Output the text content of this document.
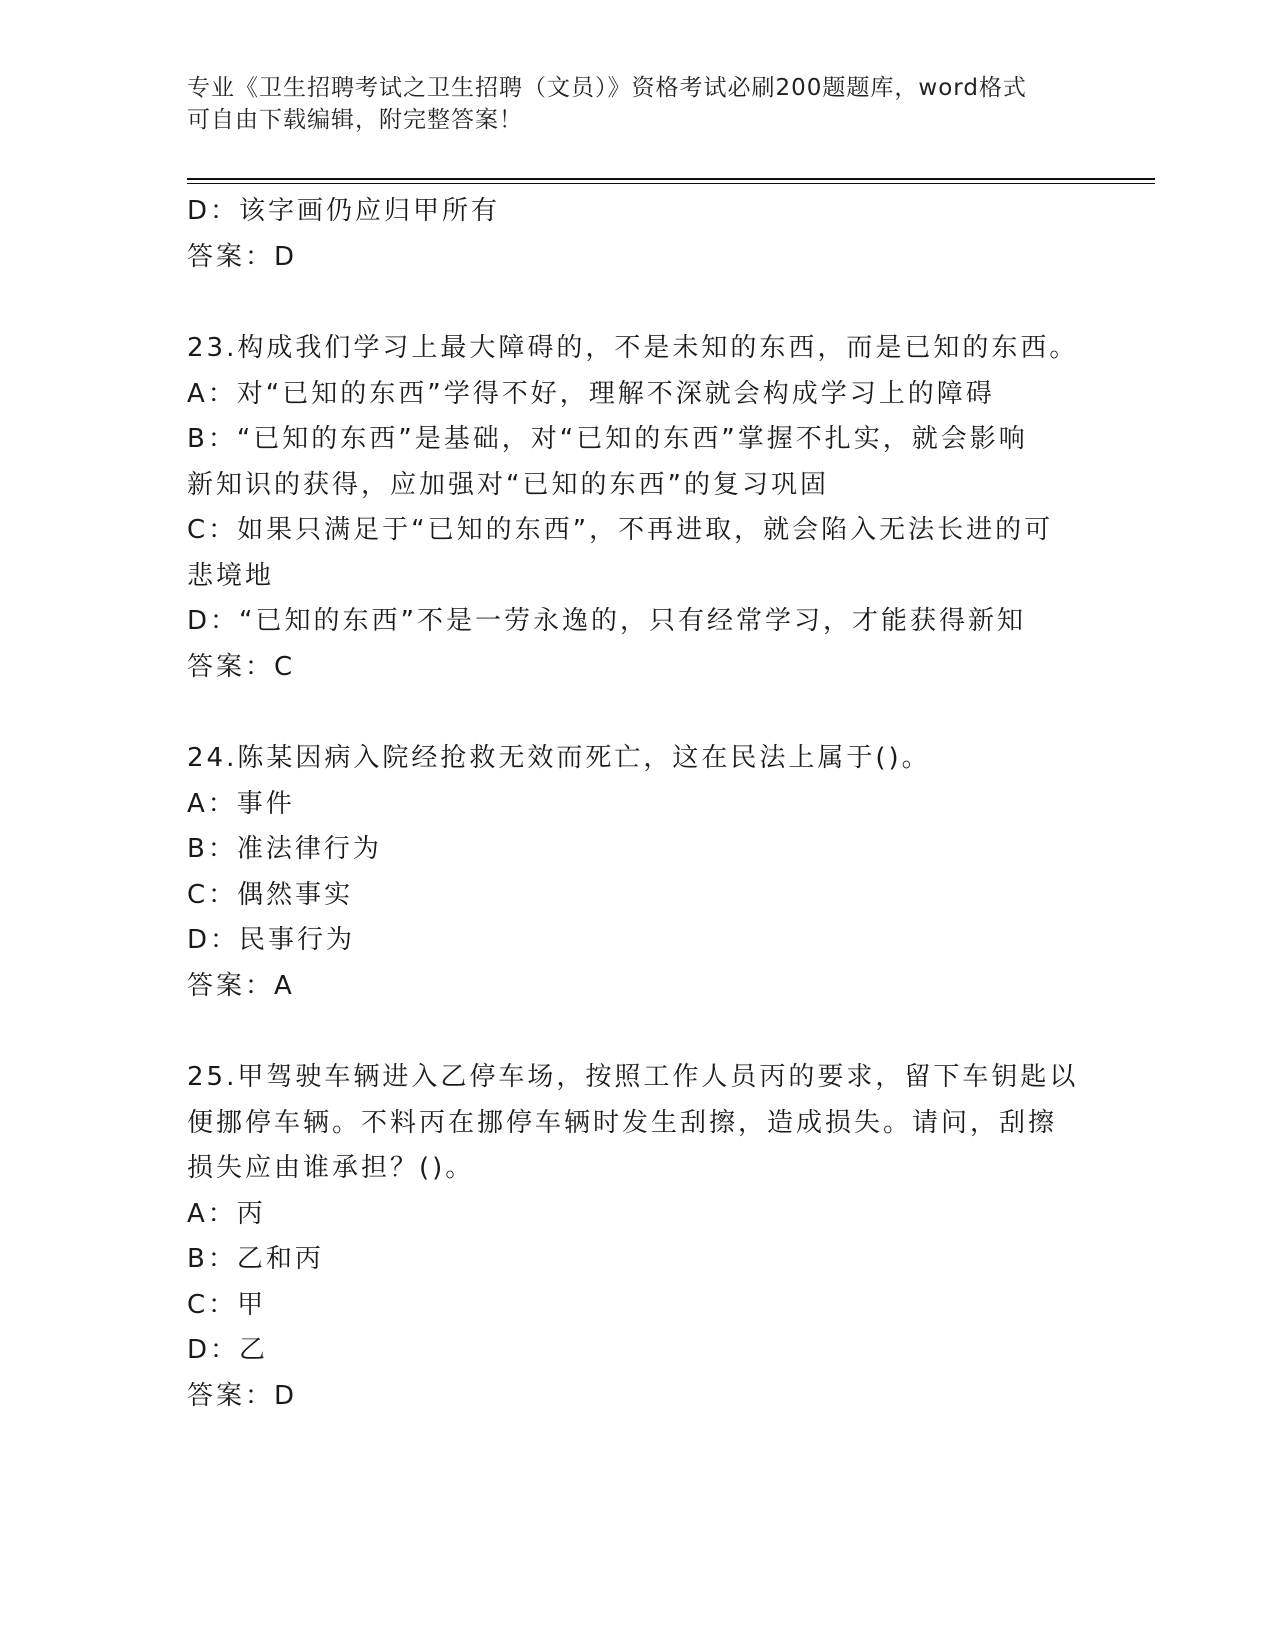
专业《卫生招聘考试之卫生招聘（文员）》资格考试必刷200题题库，word格式
可自由下载编辑，附完整答案！
D：该字画仍应归甲所有
答案：D
23.构成我们学习上最大障碍的，不是未知的东西，而是已知的东西。
A：对“已知的东西”学得不好，理解不深就会构成学习上的障碍
B：“已知的东西”是基础，对“已知的东西”掌握不扎实，就会影响
新知识的获得，应加强对“已知的东西”的复习巩固
C：如果只满足于“已知的东西”，不再进取，就会陷入无法长进的可
悲境地
D：“已知的东西”不是一劳永逸的，只有经常学习，才能获得新知
答案：C
24.陈某因病入院经抢救无效而死亡，这在民法上属于()。
A：事件
B：准法律行为
C：偶然事实
D：民事行为
答案：A
25.甲驾驶车辆进入乙停车场，按照工作人员丙的要求，留下车钥匙以
便挪停车辆。不料丙在挪停车辆时发生刮擦，造成损失。请问，刮擦
损失应由谁承担？()。
A：丙
B：乙和丙
C：甲
D：乙
答案：D
